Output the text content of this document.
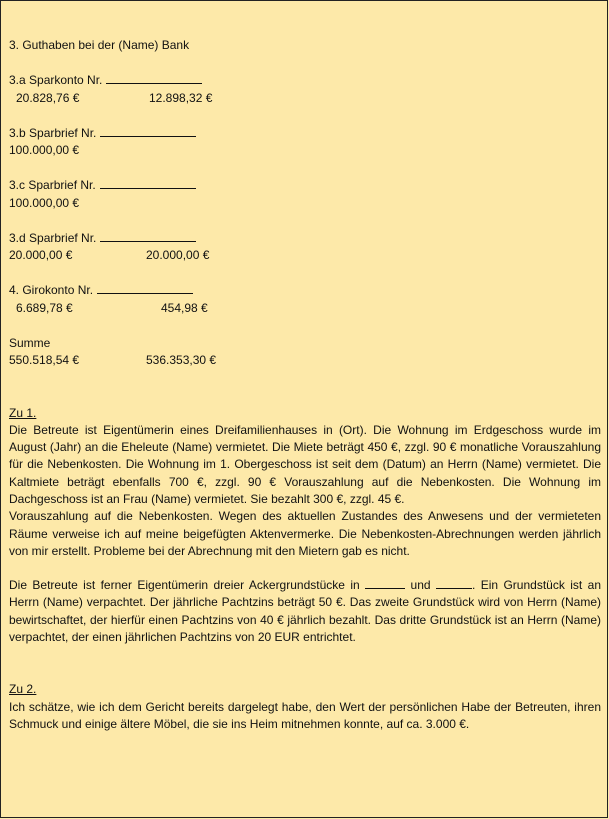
3. Guthaben bei der (Name) Bank
3.a Sparkonto Nr.
20.828,76 €	12.898,32 €
3.b Sparbrief Nr.
100.000,00 €
3.c Sparbrief Nr.
100.000,00 €
3.d Sparbrief Nr.
20.000,00 €	20.000,00 €
4. Girokonto Nr.
6.689,78 €	454,98 €
Summe
550.518,54 €	536.353,30 €
Zu 1.

Die Betreute ist Eigentümerin eines Dreifamilienhauses in (Ort). Die Wohnung im Erdgeschoss wurde im August (Jahr) an die Eheleute (Name) vermietet. Die Miete beträgt 450 €, zzgl. 90 € monatliche Vorauszahlung für die Nebenkosten. Die Wohnung im 1. Obergeschoss ist seit dem (Datum) an Herrn (Name) vermietet. Die Kaltmiete beträgt ebenfalls 700 €, zzgl. 90 € Vorauszahlung auf die Nebenkosten. Die Wohnung im Dachgeschoss ist an Frau (Name) vermietet. Sie bezahlt 300 €, zzgl. 45 €.

Vorauszahlung auf die Nebenkosten. Wegen des aktuellen Zustandes des Anwesens und der vermieteten Räume verweise ich auf meine beigefügten Aktenvermerke. Die Nebenkosten-Abrechnungen werden jährlich von mir erstellt. Probleme bei der Abrechnung mit den Mietern gab es nicht.

Die Betreute ist ferner Eigentümerin dreier Ackergrundstücke in	und	. Ein Grundstück ist an Herrn (Name) verpachtet. Der jährliche Pachtzins beträgt 50 €. Das zweite Grundstück wird von Herrn (Name) bewirtschaftet, der hierfür einen Pachtzins von 40 € jährlich bezahlt. Das dritte Grundstück ist an Herrn (Name) verpachtet, der einen jährlichen Pachtzins von 20 EUR entrichtet.

Zu 2.

Ich schätze, wie ich dem Gericht bereits dargelegt habe, den Wert der persönlichen Habe der Betreuten, ihren Schmuck und einige ältere Möbel, die sie ins Heim mitnehmen konnte, auf ca. 3.000 €.
